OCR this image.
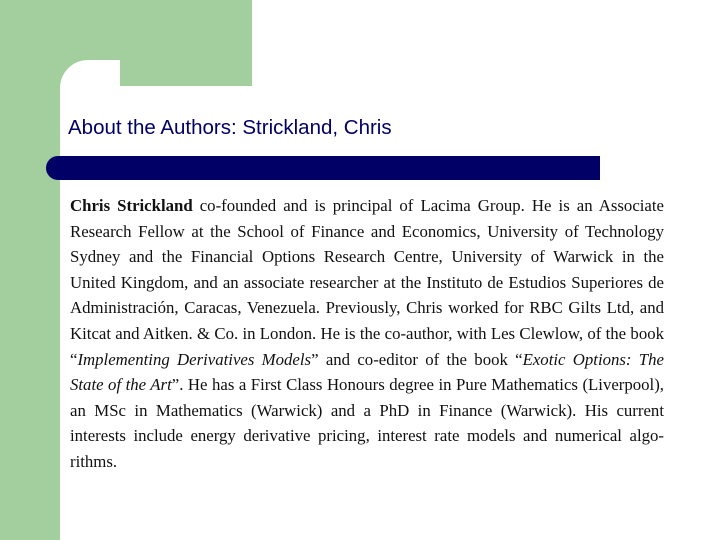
About the Authors: Strickland, Chris

Chris Strickland co-founded and is principal of Lacima Group. He is an Associate Research Fellow at the School of Finance and Economics, University of Technology Sydney and the Financial Options Research Centre, University of Warwick in the United Kingdom, and an associate researcher at the Instituto de Estudios Superiores de Administración, Caracas, Venezuela. Previously, Chris worked for RBC Gilts Ltd, and Kitcat and Aitken. & Co. in London. He is the co-author, with Les Clewlow, of the book “Implementing Derivatives Models” and co-editor of the book “Exotic Options: The State of the Art”. He has a First Class Honours degree in Pure Mathematics (Liverpool), an MSc in Mathematics (Warwick) and a PhD in Finance (Warwick). His current interests include energy derivative pricing, interest rate models and numerical algorithms.
